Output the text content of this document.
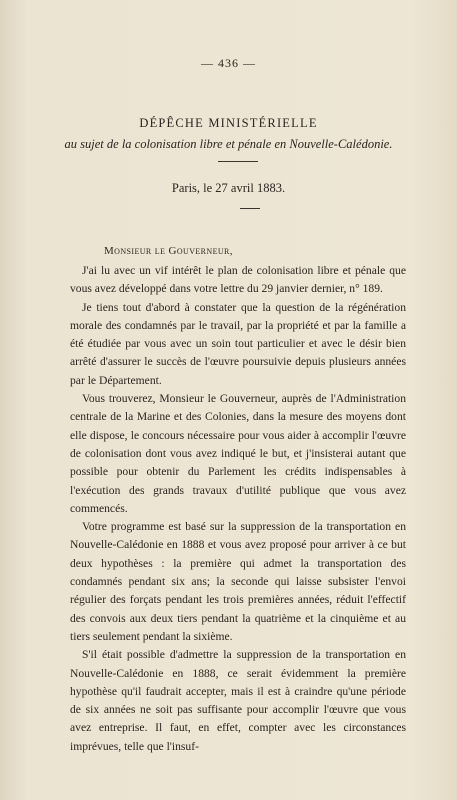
— 436 —
DÉPÊCHE MINISTÉRIELLE
au sujet de la colonisation libre et pénale en Nouvelle-Calédonie.
Paris, le 27 avril 1883.
Monsieur le Gouverneur,

J'ai lu avec un vif intérêt le plan de colonisation libre et pénale que vous avez développé dans votre lettre du 29 janvier dernier, n° 189.

Je tiens tout d'abord à constater que la question de la régénération morale des condamnés par le travail, par la propriété et par la famille a été étudiée par vous avec un soin tout particulier et avec le désir bien arrêté d'assurer le succès de l'œuvre poursuivie depuis plusieurs années par le Département.

Vous trouverez, Monsieur le Gouverneur, auprès de l'Administration centrale de la Marine et des Colonies, dans la mesure des moyens dont elle dispose, le concours nécessaire pour vous aider à accomplir l'œuvre de colonisation dont vous avez indiqué le but, et j'insisterai autant que possible pour obtenir du Parlement les crédits indispensables à l'exécution des grands travaux d'utilité publique que vous avez commencés.

Votre programme est basé sur la suppression de la transportation en Nouvelle-Calédonie en 1888 et vous avez proposé pour arriver à ce but deux hypothèses : la première qui admet la transportation des condamnés pendant six ans; la seconde qui laisse subsister l'envoi régulier des forçats pendant les trois premières années, réduit l'effectif des convois aux deux tiers pendant la quatrième et la cinquième et au tiers seulement pendant la sixième.

S'il était possible d'admettre la suppression de la transportation en Nouvelle-Calédonie en 1888, ce serait évidemment la première hypothèse qu'il faudrait accepter, mais il est à craindre qu'une période de six années ne soit pas suffisante pour accomplir l'œuvre que vous avez entreprise. Il faut, en effet, compter avec les circonstances imprévues, telle que l'insuf-
